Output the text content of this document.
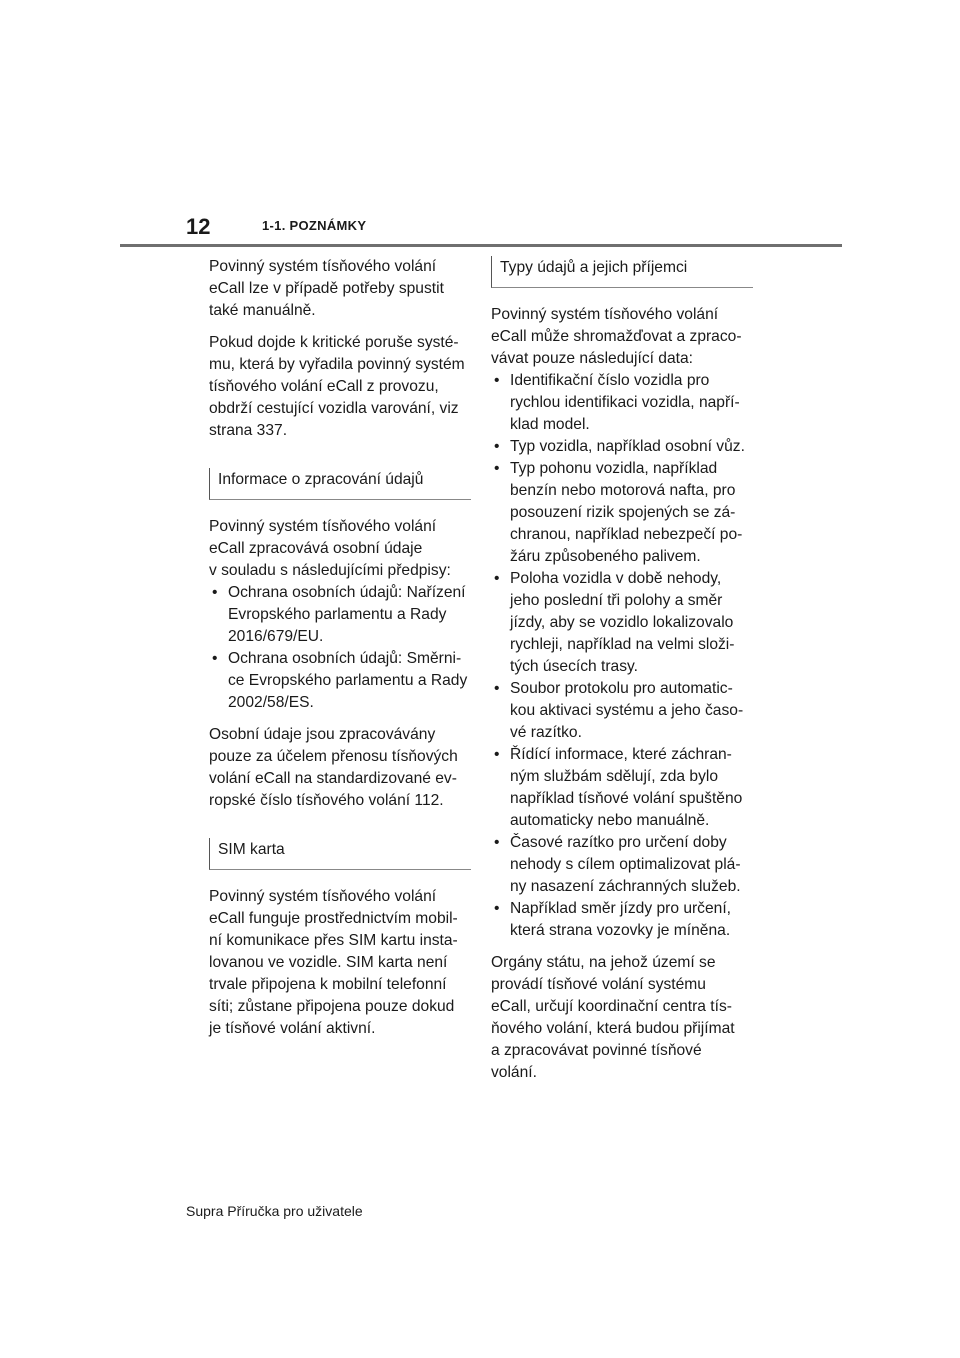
12	1-1. POZNÁMKY

Povinný systém tísňového volání
eCall lze v případě potřeby spustit
také manuálně.

Pokud dojde k kritické poruše systé-
mu, která by vyřadila povinný systém
tísňového volání eCall z provozu,
obdrží cestující vozidla varování, viz
strana 337.

Informace o zpracování údajů

Povinný systém tísňového volání
eCall zpracovává osobní údaje
v souladu s následujícími předpisy:

• Ochrana osobních údajů: Nařízení
Evropského parlamentu a Rady
2016/679/EU.
• Ochrana osobních údajů: Směrni-
ce Evropského parlamentu a Rady
2002/58/ES.

Osobní údaje jsou zpracovávány
pouze za účelem přenosu tísňových
volání eCall na standardizované ev-
ropské číslo tísňového volání 112.

SIM karta

Povinný systém tísňového volání
eCall funguje prostřednictvím mobil-
ní komunikace přes SIM kartu insta-
lovanou ve vozidle. SIM karta není
trvale připojena k mobilní telefonní
síti; zůstane připojena pouze dokud
je tísňové volání aktivní.

Typy údajů a jejich příjemci

Povinný systém tísňového volání
eCall může shromažďovat a zpraco-
vávat pouze následující data:

• Identifikační číslo vozidla pro
rychlou identifikaci vozidla, napří-
klad model.
• Typ vozidla, například osobní vůz.
• Typ pohonu vozidla, například
benzín nebo motorová nafta, pro
posouzení rizik spojených se zá-
chranou, například nebezpečí po-
žáru způsobeného palivem.
• Poloha vozidla v době nehody,
jeho poslední tři polohy a směr
jízdy, aby se vozidlo lokalizovalo
rychleji, například na velmi složi-
tých úsecích trasy.
• Soubor protokolu pro automatic-
kou aktivaci systému a jeho časo-
vé razítko.
• Řídící informace, které záchran-
ným službám sdělují, zda bylo
například tísňové volání spuštěno
automaticky nebo manuálně.
• Časové razítko pro určení doby
nehody s cílem optimalizovat plá-
ny nasazení záchranných služeb.
• Například směr jízdy pro určení,
která strana vozovky je míněna.

Orgány státu, na jehož území se
provádí tísňové volání systému
eCall, určují koordinační centra tís-
ňového volání, která budou přijímat
a zpracovávat povinné tísňové
volání.

Supra Příručka pro uživatele
